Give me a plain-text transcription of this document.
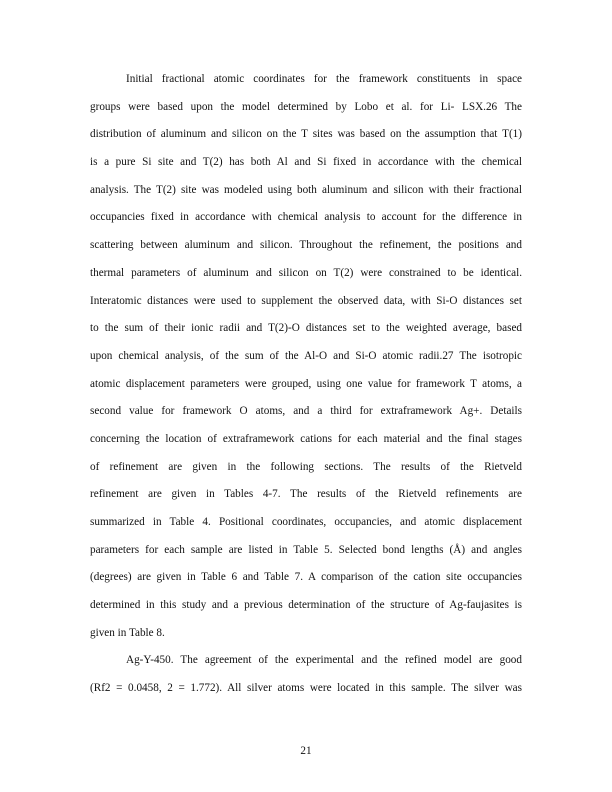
Initial fractional atomic coordinates for the framework constituents in space
groups were based upon the model determined by Lobo et al. for Li- LSX.26 The
distribution of aluminum and silicon on the T sites was based on the assumption that T(1)
is a pure Si site and T(2) has both Al and Si fixed in accordance with the chemical
analysis. The T(2) site was modeled using both aluminum and silicon with their fractional
occupancies fixed in accordance with chemical analysis to account for the difference in
scattering between aluminum and silicon. Throughout the refinement, the positions and
thermal parameters of aluminum and silicon on T(2) were constrained to be identical.
Interatomic distances were used to supplement the observed data, with Si-O distances set
to the sum of their ionic radii and T(2)-O distances set to the weighted average, based
upon chemical analysis, of the sum of the Al-O and Si-O atomic radii.27 The isotropic
atomic displacement parameters were grouped, using one value for framework T atoms, a
second value for framework O atoms, and a third for extraframework Ag+. Details
concerning the location of extraframework cations for each material and the final stages
of refinement are given in the following sections. The results of the Rietveld
refinement are given in Tables 4-7. The results of the Rietveld refinements are
summarized in Table 4. Positional coordinates, occupancies, and atomic displacement
parameters for each sample are listed in Table 5. Selected bond lengths (Å) and angles
(degrees) are given in Table 6 and Table 7. A comparison of the cation site occupancies
determined in this study and a previous determination of the structure of Ag-faujasites is
given in Table 8.
Ag-Y-450. The agreement of the experimental and the refined model are good
(Rf2 = 0.0458, 2 = 1.772). All silver atoms were located in this sample. The silver was
21
